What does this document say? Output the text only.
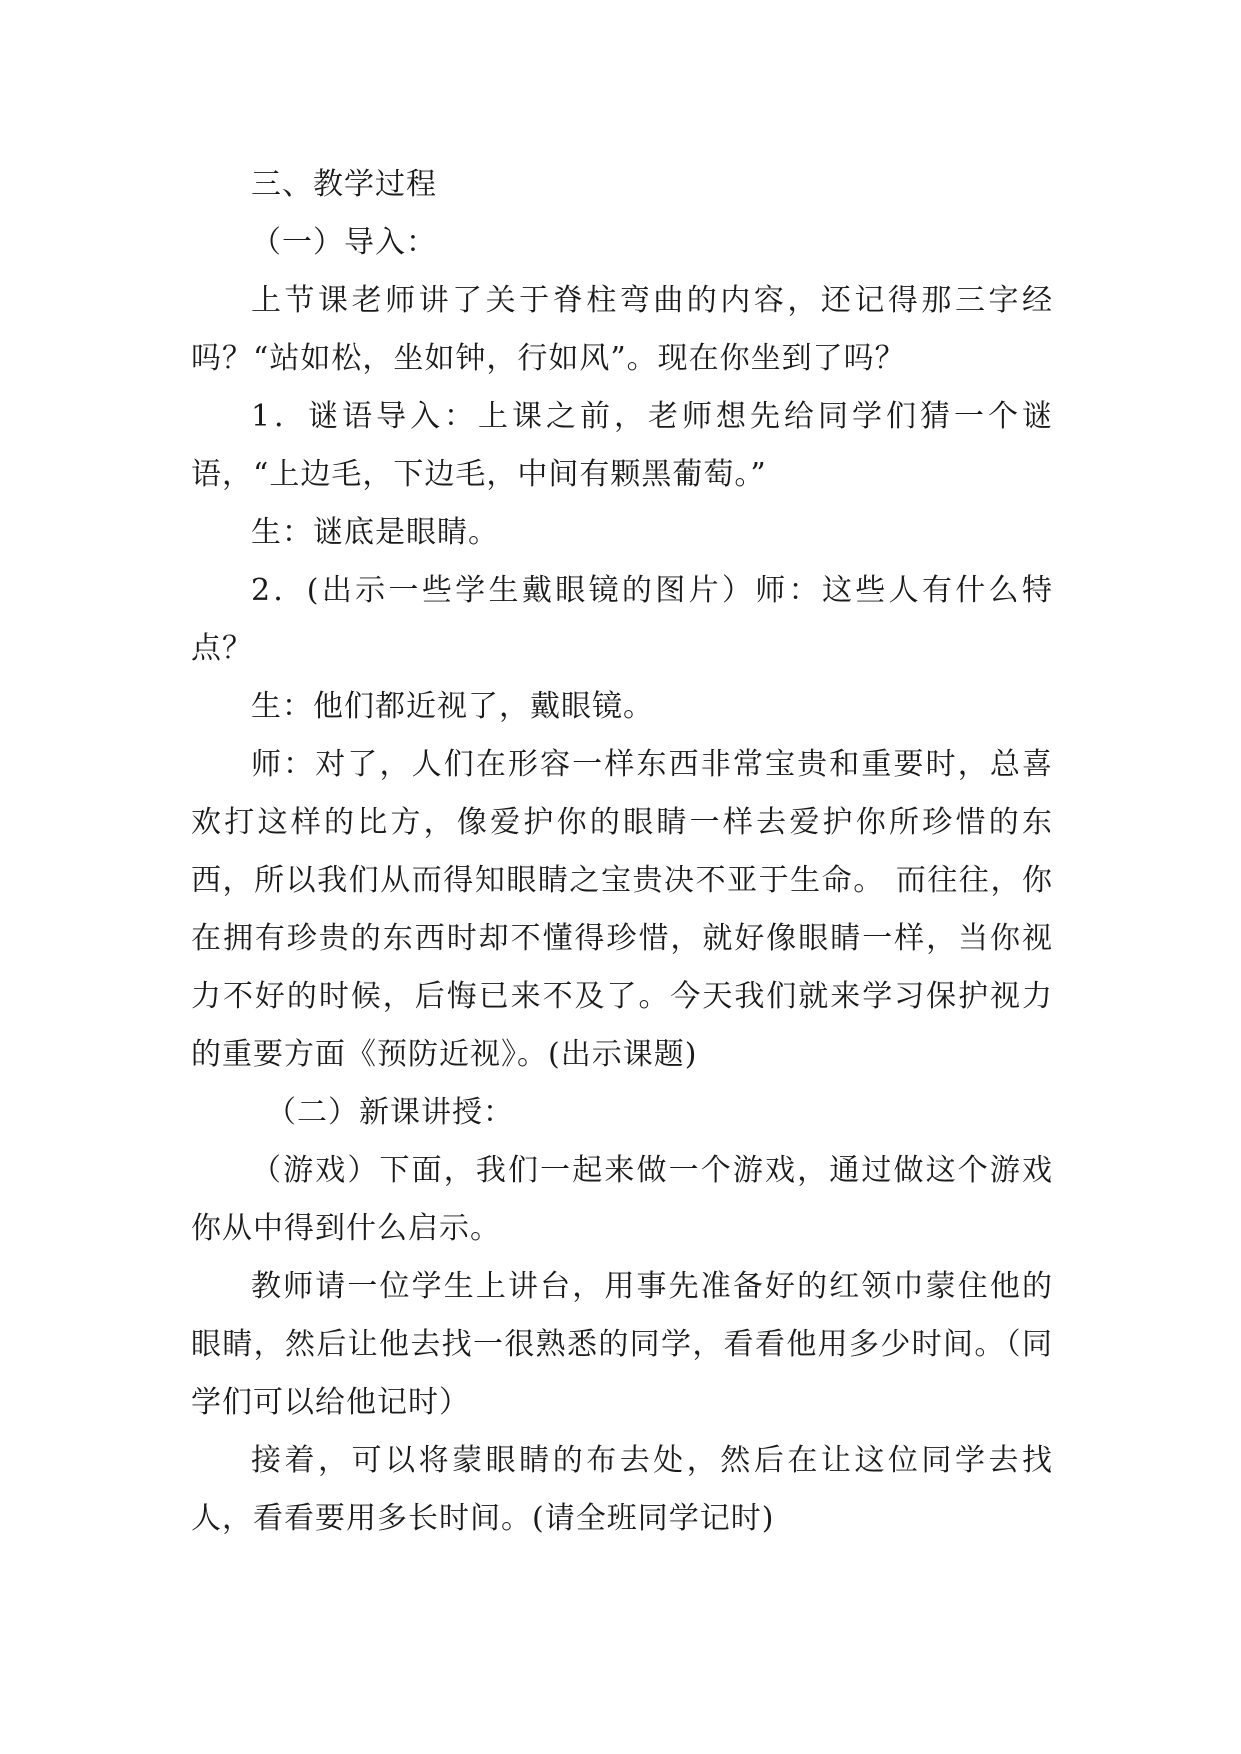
三、教学过程

（一）导入：

上节课老师讲了关于脊柱弯曲的内容，还记得那三字经吗？“站如松，坐如钟，行如风”。现在你坐到了吗？

1．谜语导入：上课之前，老师想先给同学们猜一个谜语，“上边毛，下边毛，中间有颗黑葡萄。”

生：谜底是眼睛。

2．(出示一些学生戴眼镜的图片）师：这些人有什么特点？

生：他们都近视了，戴眼镜。

师：对了，人们在形容一样东西非常宝贵和重要时，总喜欢打这样的比方，像爱护你的眼睛一样去爱护你所珍惜的东西，所以我们从而得知眼睛之宝贵决不亚于生命。 而往往，你在拥有珍贵的东西时却不懂得珍惜，就好像眼睛一样，当你视力不好的时候，后悔已来不及了。今天我们就来学习保护视力的重要方面《预防近视》。(出示课题)

（二）新课讲授：

（游戏）下面，我们一起来做一个游戏，通过做这个游戏你从中得到什么启示。

教师请一位学生上讲台，用事先准备好的红领巾蒙住他的眼睛，然后让他去找一很熟悉的同学，看看他用多少时间。（同学们可以给他记时）

接着，可以将蒙眼睛的布去处，然后在让这位同学去找人，看看要用多长时间。(请全班同学记时)
